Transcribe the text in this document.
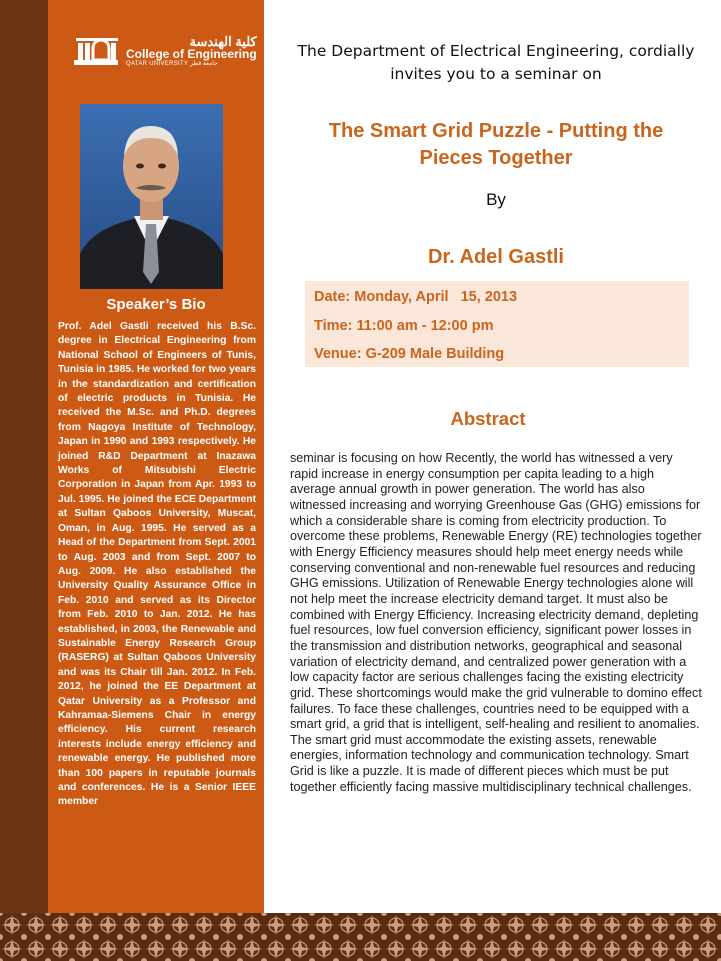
كلية الهندسة
College of Engineering
QATAR UNIVERSITY جامعة قطر
Speaker’s Bio

Prof. Adel Gastli received his B.Sc. degree in Electrical Engineering from National School of Engineers of Tunis, Tunisia in 1985. He worked for two years in the standardization and certification of electric products in Tunisia. He received the M.Sc. and Ph.D. degrees from Nagoya Institute of Technology, Japan in 1990 and 1993 respectively. He joined R&D Department at Inazawa Works of Mitsubishi Electric Corporation in Japan from Apr. 1993 to Jul. 1995. He joined the ECE Department at Sultan Qaboos University, Muscat, Oman, in Aug. 1995. He served as a Head of the Department from Sept. 2001 to Aug. 2003 and from Sept. 2007 to Aug. 2009. He also established the University Quality Assurance Office in Feb. 2010 and served as its Director from Feb. 2010 to Jan. 2012. He has established, in 2003, the Renewable and Sustainable Energy Research Group (RASERG) at Sultan Qaboos University and was its Chair till Jan. 2012. In Feb. 2012, he joined the EE Department at Qatar University as a Professor and Kahramaa-Siemens Chair in energy efficiency. His current research interests include energy efficiency and renewable energy. He published more than 100 papers in reputable journals and conferences. He is a Senior IEEE member

The Department of Electrical Engineering, cordially invites you to a seminar on

The Smart Grid Puzzle - Putting the Pieces Together

By
Dr. Adel Gastli
Date: Monday, April   15, 2013
Time: 11:00 am - 12:00 pm
Venue: G-209 Male Building
Abstract

seminar is focusing on how Recently, the world has witnessed a very rapid increase in energy consumption per capita leading to a high average annual growth in power generation. The world has also witnessed increasing and worrying Greenhouse Gas (GHG) emissions for which a considerable share is coming from electricity production. To overcome these problems, Renewable Energy (RE) technologies together with Energy Efficiency measures should help meet energy needs while conserving conventional and non-renewable fuel resources and reducing GHG emissions. Utilization of Renewable Energy technologies alone will not help meet the increase electricity demand target. It must also be combined with Energy Efficiency. Increasing electricity demand, depleting fuel resources, low fuel conversion efficiency, significant power losses in the transmission and distribution networks, geographical and seasonal variation of electricity demand, and centralized power generation with a low capacity factor are serious challenges facing the existing electricity grid. These shortcomings would make the grid vulnerable to domino effect failures. To face these challenges, countries need to be equipped with a smart grid, a grid that is intelligent, self-healing and resilient to anomalies. The smart grid must accommodate the existing assets, renewable energies, information technology and communication technology. Smart Grid is like a puzzle. It is made of different pieces which must be put together efficiently facing massive multidisciplinary technical challenges.
